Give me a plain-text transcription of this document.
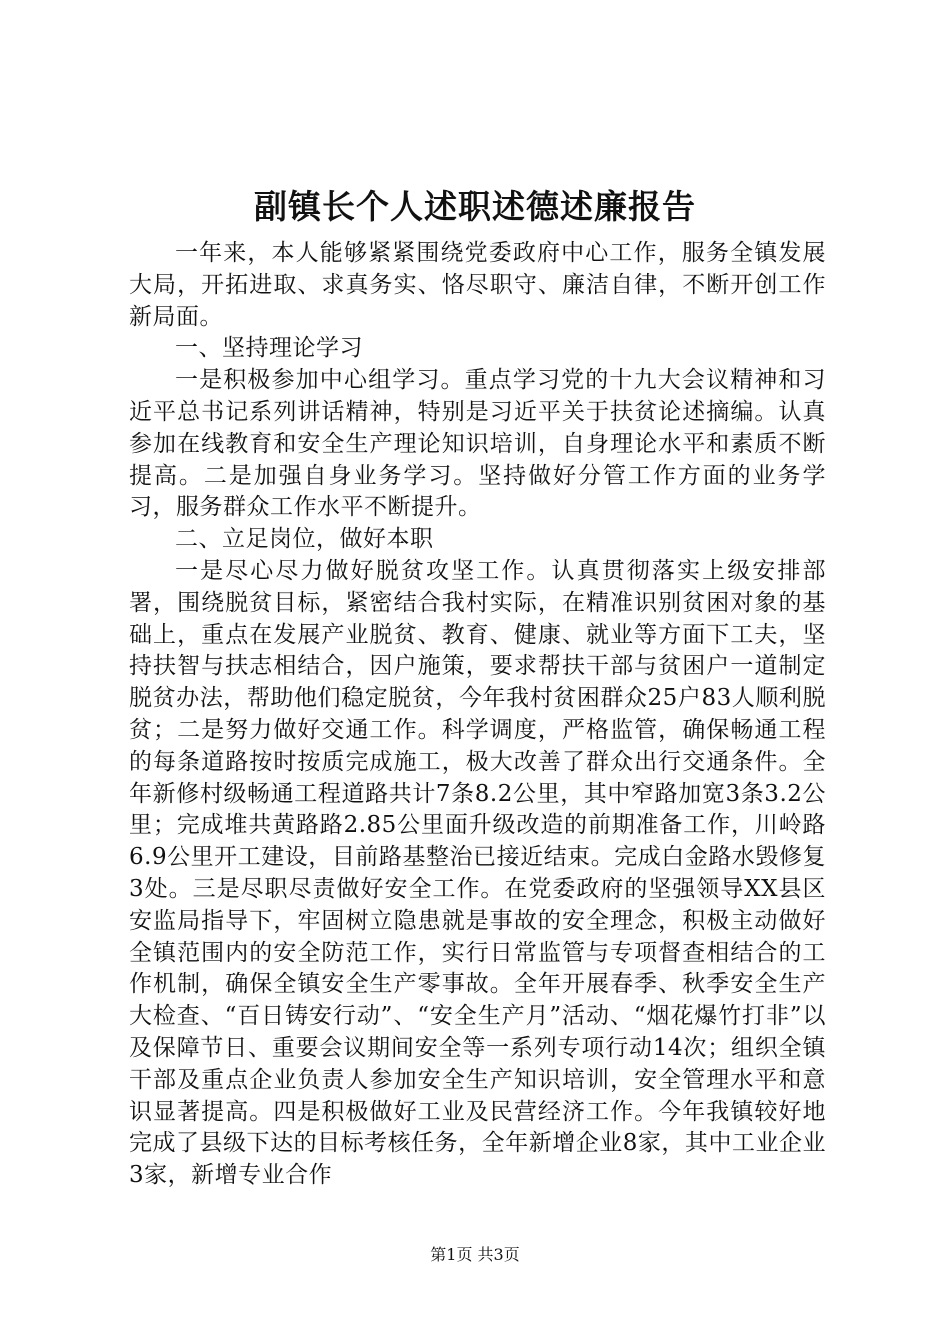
副镇长个人述职述德述廉报告

一年来，本人能够紧紧围绕党委政府中心工作，服务全镇发展大局，开拓进取、求真务实、恪尽职守、廉洁自律，不断开创工作新局面。

一、坚持理论学习

一是积极参加中心组学习。重点学习党的十九大会议精神和习近平总书记系列讲话精神，特别是习近平关于扶贫论述摘编。认真参加在线教育和安全生产理论知识培训，自身理论水平和素质不断提高。二是加强自身业务学习。坚持做好分管工作方面的业务学习，服务群众工作水平不断提升。

二、立足岗位，做好本职

一是尽心尽力做好脱贫攻坚工作。认真贯彻落实上级安排部署，围绕脱贫目标，紧密结合我村实际，在精准识别贫困对象的基础上，重点在发展产业脱贫、教育、健康、就业等方面下工夫，坚持扶智与扶志相结合，因户施策，要求帮扶干部与贫困户一道制定脱贫办法，帮助他们稳定脱贫，今年我村贫困群众25户83人顺利脱贫；二是努力做好交通工作。科学调度，严格监管，确保畅通工程的每条道路按时按质完成施工，极大改善了群众出行交通条件。全年新修村级畅通工程道路共计7条8.2公里，其中窄路加宽3条3.2公里；完成堆共黄路路2.85公里面升级改造的前期准备工作，川岭路6.9公里开工建设，目前路基整治已接近结束。完成白金路水毁修复3处。三是尽职尽责做好安全工作。在党委政府的坚强领导XX县区安监局指导下，牢固树立隐患就是事故的安全理念，积极主动做好全镇范围内的安全防范工作，实行日常监管与专项督查相结合的工作机制，确保全镇安全生产零事故。全年开展春季、秋季安全生产大检查、“百日铸安行动”、“安全生产月”活动、“烟花爆竹打非”以及保障节日、重要会议期间安全等一系列专项行动14次；组织全镇干部及重点企业负责人参加安全生产知识培训，安全管理水平和意识显著提高。四是积极做好工业及民营经济工作。今年我镇较好地完成了县级下达的目标考核任务，全年新增企业8家，其中工业企业3家，新增专业合作

第1页 共3页
